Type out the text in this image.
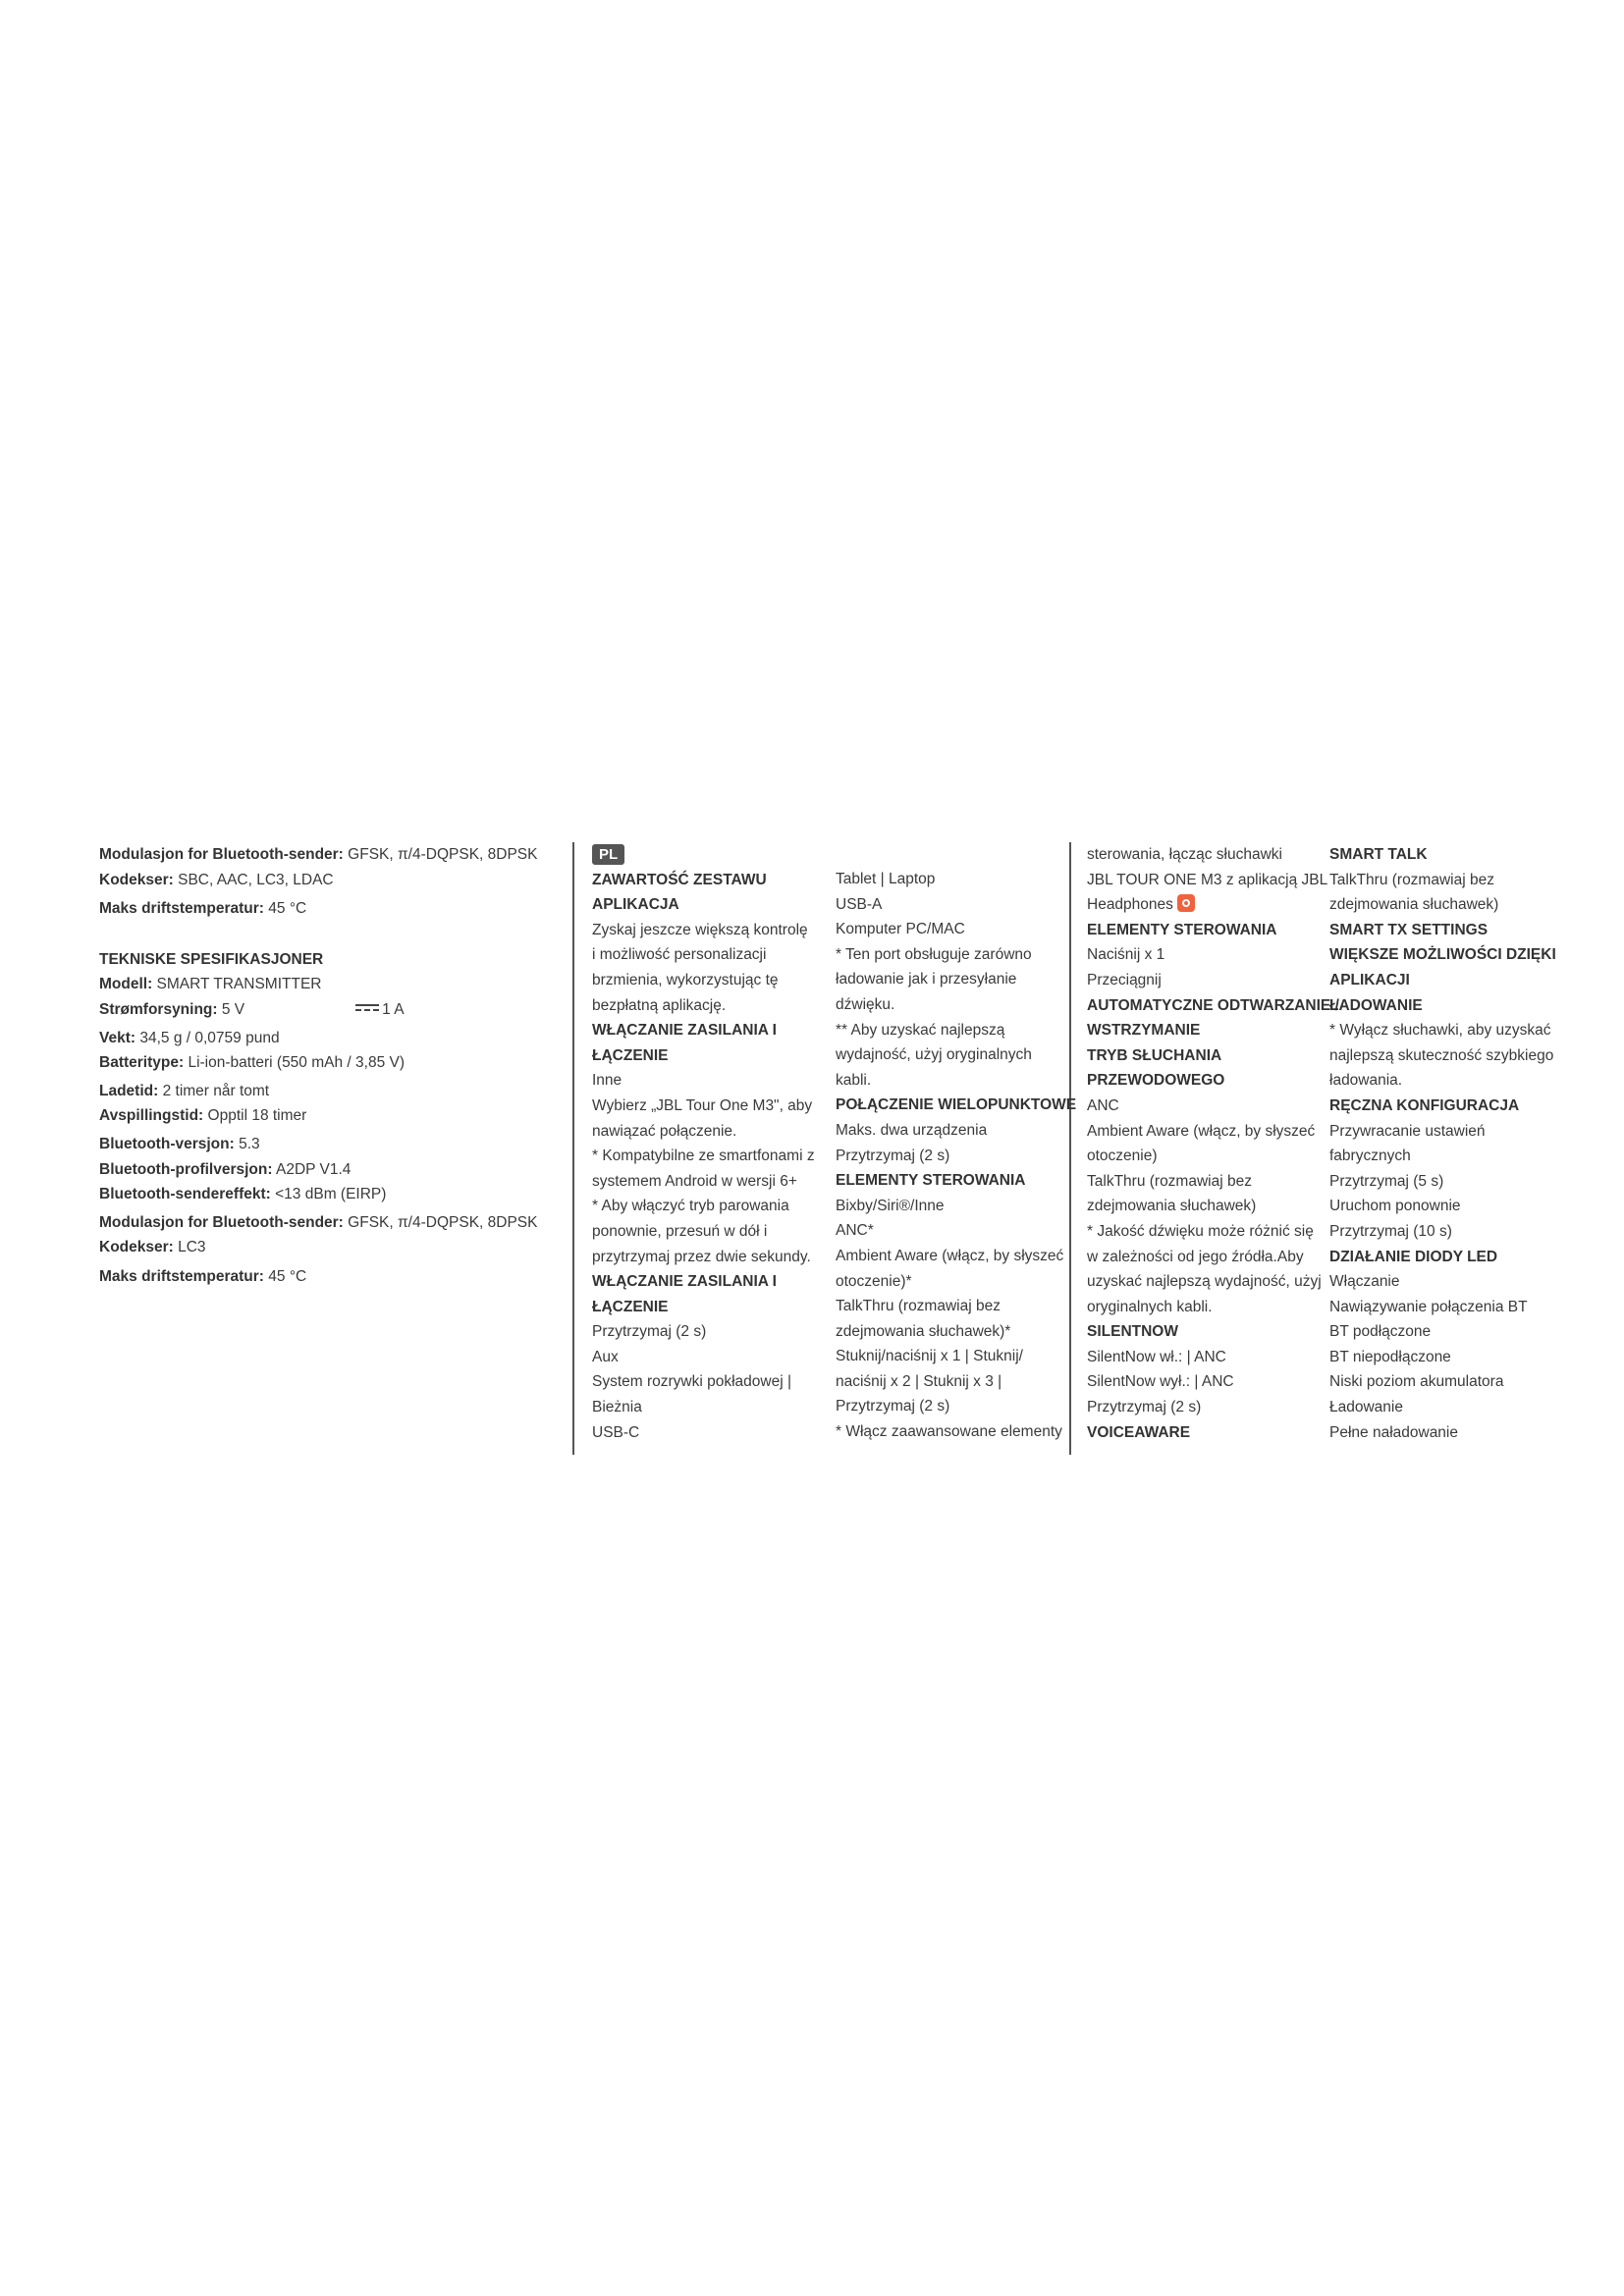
Modulasjon for Bluetooth-sender: GFSK, π/4-DQPSK, 8DPSK
Kodekser: SBC, AAC, LC3, LDAC
Maks driftstemperatur: 45 °C
TEKNISKE SPESIFIKASJONER
Modell: SMART TRANSMITTER
Strømforsyning: 5 V	1 A
Vekt: 34,5 g / 0,0759 pund
Batteritype: Li-ion-batteri (550 mAh / 3,85 V)
Ladetid: 2 timer når tomt
Avspillingstid: Opptil 18 timer
Bluetooth-versjon: 5.3
Bluetooth-profilversjon: A2DP V1.4
Bluetooth-sendereffekt: <13 dBm (EIRP)
Modulasjon for Bluetooth-sender: GFSK, π/4-DQPSK, 8DPSK
Kodekser: LC3
Maks driftstemperatur: 45 °C
PL
ZAWARTOŚĆ ZESTAWU
APLIKACJA
Zyskaj jeszcze większą kontrolę
i możliwość personalizacji
brzmienia, wykorzystując tę
bezpłatną aplikację.
WŁĄCZANIE ZASILANIA I
ŁĄCZENIE
Inne
Wybierz „JBL Tour One M3", aby
nawiązać połączenie.
* Kompatybilne ze smartfonami z
systemem Android w wersji 6+
* Aby włączyć tryb parowania
ponownie, przesuń w dół i
przytrzymaj przez dwie sekundy.
WŁĄCZANIE ZASILANIA I
ŁĄCZENIE
Przytrzymaj (2 s)
Aux
System rozrywki pokładowej |
Bieżnia
USB-C
Tablet | Laptop
USB-A
Komputer PC/MAC
* Ten port obsługuje zarówno
ładowanie jak i przesyłanie
dźwięku.
** Aby uzyskać najlepszą
wydajność, użyj oryginalnych
kabli.
POŁĄCZENIE WIELOPUNKTOWE
Maks. dwa urządzenia
Przytrzymaj (2 s)
ELEMENTY STEROWANIA
Bixby/Siri®/Inne
ANC*
Ambient Aware (włącz, by słyszeć
otoczenie)*
TalkThru (rozmawiaj bez
zdejmowania słuchawek)*
Stuknij/naciśnij x 1 | Stuknij/
naciśnij x 2 | Stuknij x 3 |
Przytrzymaj (2 s)
* Włącz zaawansowane elementy
sterowania, łącząc słuchawki
JBL TOUR ONE M3 z aplikacją JBL
Headphones
ELEMENTY STEROWANIA
Naciśnij x 1
Przeciągnij
AUTOMATYCZNE ODTWARZANIE /
WSTRZYMANIE
TRYB SŁUCHANIA
PRZEWODOWEGO
ANC
Ambient Aware (włącz, by słyszeć
otoczenie)
TalkThru (rozmawiaj bez
zdejmowania słuchawek)
* Jakość dźwięku może różnić się
w zależności od jego źródła.Aby
uzyskać najlepszą wydajność, użyj
oryginalnych kabli.
SILENTNOW
SilentNow wł.: | ANC
SilentNow wył.: | ANC
Przytrzymaj (2 s)
VOICEAWARE
SMART TALK
TalkThru (rozmawiaj bez
zdejmowania słuchawek)
SMART TX SETTINGS
WIĘKSZE MOŻLIWOŚCI DZIĘKI
APLIKACJI
ŁADOWANIE
* Wyłącz słuchawki, aby uzyskać
najlepszą skuteczność szybkiego
ładowania.
RĘCZNA KONFIGURACJA
Przywracanie ustawień
fabrycznych
Przytrzymaj (5 s)
Uruchom ponownie
Przytrzymaj (10 s)
DZIAŁANIE DIODY LED
Włączanie
Nawiązywanie połączenia BT
BT podłączone
BT niepodłączone
Niski poziom akumulatora
Ładowanie
Pełne naładowanie
